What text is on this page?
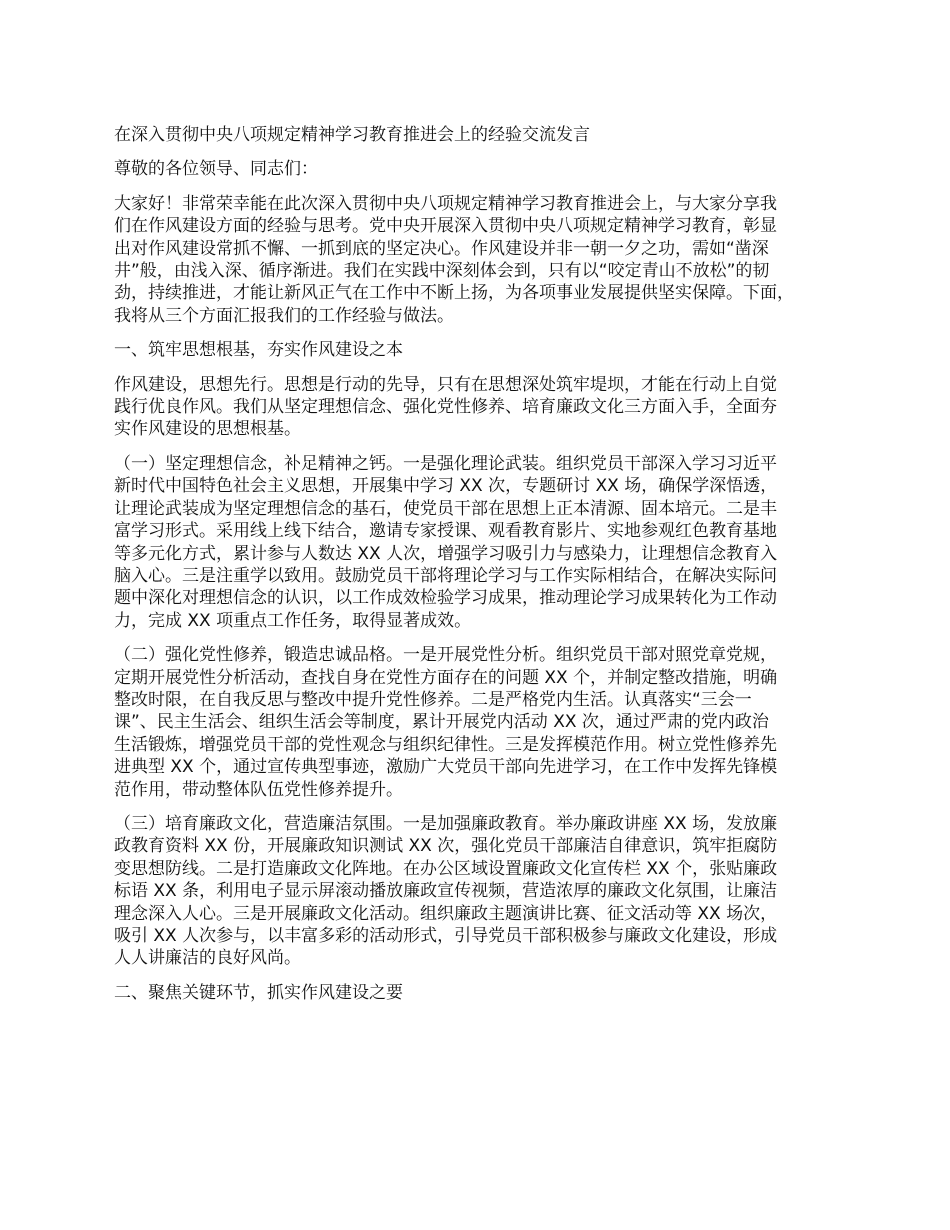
在深入贯彻中央八项规定精神学习教育推进会上的经验交流发言

尊敬的各位领导、同志们：

大家好！非常荣幸能在此次深入贯彻中央八项规定精神学习教育推进会上，与大家分享我
们在作风建设方面的经验与思考。党中央开展深入贯彻中央八项规定精神学习教育，彰显
出对作风建设常抓不懈、一抓到底的坚定决心。作风建设并非一朝一夕之功，需如“凿深
井”般，由浅入深、循序渐进。我们在实践中深刻体会到，只有以“咬定青山不放松”的韧
劲，持续推进，才能让新风正气在工作中不断上扬，为各项事业发展提供坚实保障。下面，
我将从三个方面汇报我们的工作经验与做法。

一、筑牢思想根基，夯实作风建设之本

作风建设，思想先行。思想是行动的先导，只有在思想深处筑牢堤坝，才能在行动上自觉
践行优良作风。我们从坚定理想信念、强化党性修养、培育廉政文化三方面入手，全面夯
实作风建设的思想根基。

（一）坚定理想信念，补足精神之钙。一是强化理论武装。组织党员干部深入学习习近平
新时代中国特色社会主义思想，开展集中学习 XX 次，专题研讨 XX 场，确保学深悟透，
让理论武装成为坚定理想信念的基石，使党员干部在思想上正本清源、固本培元。二是丰
富学习形式。采用线上线下结合，邀请专家授课、观看教育影片、实地参观红色教育基地
等多元化方式，累计参与人数达 XX 人次，增强学习吸引力与感染力，让理想信念教育入
脑入心。三是注重学以致用。鼓励党员干部将理论学习与工作实际相结合，在解决实际问
题中深化对理想信念的认识，以工作成效检验学习成果，推动理论学习成果转化为工作动
力，完成 XX 项重点工作任务，取得显著成效。

（二）强化党性修养，锻造忠诚品格。一是开展党性分析。组织党员干部对照党章党规，
定期开展党性分析活动，查找自身在党性方面存在的问题 XX 个，并制定整改措施，明确
整改时限，在自我反思与整改中提升党性修养。二是严格党内生活。认真落实“三会一
课”、民主生活会、组织生活会等制度，累计开展党内活动 XX 次，通过严肃的党内政治
生活锻炼，增强党员干部的党性观念与组织纪律性。三是发挥模范作用。树立党性修养先
进典型 XX 个，通过宣传典型事迹，激励广大党员干部向先进学习，在工作中发挥先锋模
范作用，带动整体队伍党性修养提升。

（三）培育廉政文化，营造廉洁氛围。一是加强廉政教育。举办廉政讲座 XX 场，发放廉
政教育资料 XX 份，开展廉政知识测试 XX 次，强化党员干部廉洁自律意识，筑牢拒腐防
变思想防线。二是打造廉政文化阵地。在办公区域设置廉政文化宣传栏 XX 个，张贴廉政
标语 XX 条，利用电子显示屏滚动播放廉政宣传视频，营造浓厚的廉政文化氛围，让廉洁
理念深入人心。三是开展廉政文化活动。组织廉政主题演讲比赛、征文活动等 XX 场次，
吸引 XX 人次参与，以丰富多彩的活动形式，引导党员干部积极参与廉政文化建设，形成
人人讲廉洁的良好风尚。

二、聚焦关键环节，抓实作风建设之要
